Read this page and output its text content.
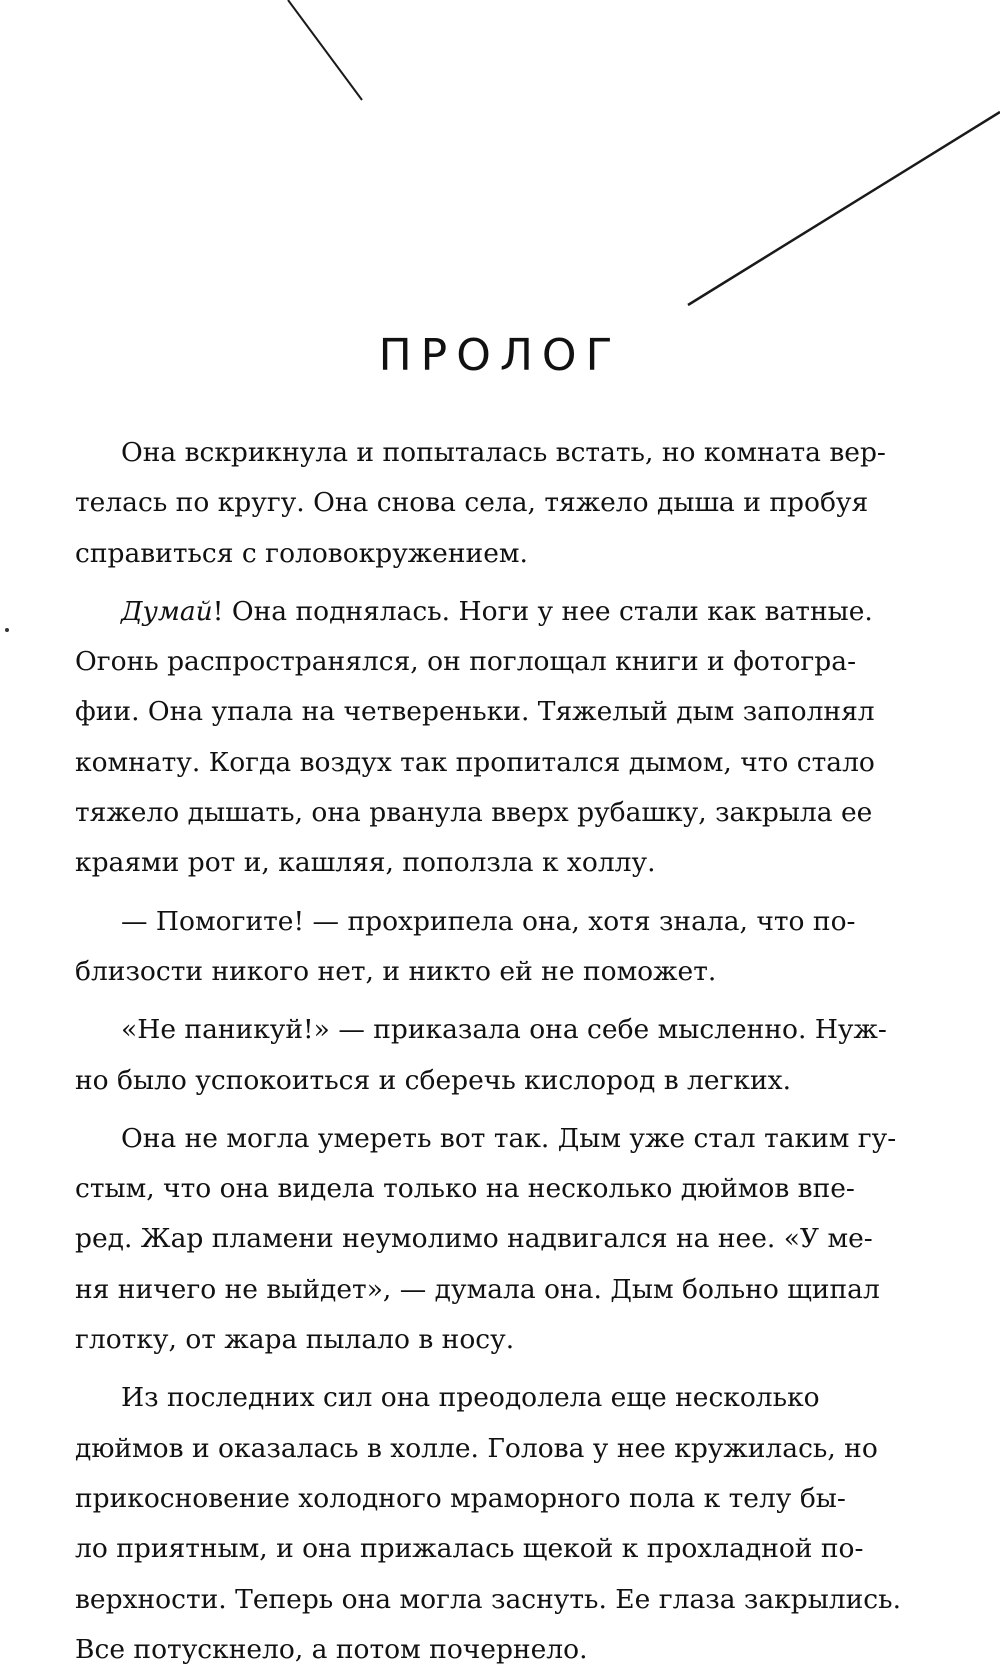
ПРОЛОГ
Она вскрикнула и попыталась встать, но комната вер-
телась по кругу. Она снова села, тяжело дыша и пробуя
справиться с головокружением.
Думай! Она поднялась. Ноги у нее стали как ватные.
Огонь распространялся, он поглощал книги и фотогра-
фии. Она упала на четвереньки. Тяжелый дым заполнял
комнату. Когда воздух так пропитался дымом, что стало
тяжело дышать, она рванула вверх рубашку, закрыла ее
краями рот и, кашляя, поползла к холлу.
— Помогите! — прохрипела она, хотя знала, что по-
близости никого нет, и никто ей не поможет.
«Не паникуй!» — приказала она себе мысленно. Нуж-
но было успокоиться и сберечь кислород в легких.
Она не могла умереть вот так. Дым уже стал таким гу-
стым, что она видела только на несколько дюймов впе-
ред. Жар пламени неумолимо надвигался на нее. «У ме-
ня ничего не выйдет», — думала она. Дым больно щипал
глотку, от жара пылало в носу.
Из последних сил она преодолела еще несколько
дюймов и оказалась в холле. Голова у нее кружилась, но
прикосновение холодного мраморного пола к телу бы-
ло приятным, и она прижалась щекой к прохладной по-
верхности. Теперь она могла заснуть. Ее глаза закрылись.
Все потускнело, а потом почернело.
